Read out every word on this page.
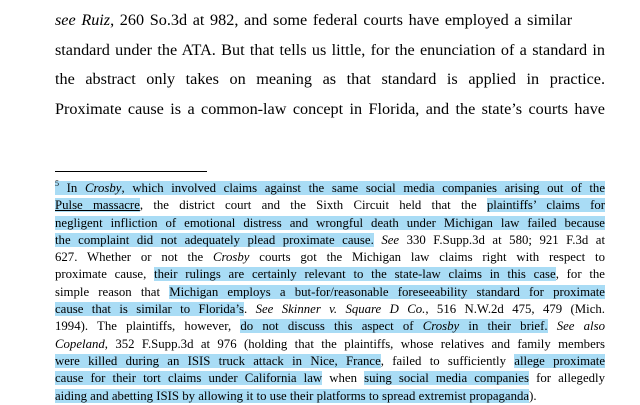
see Ruiz, 260 So.3d at 982, and some federal courts have employed a similar
standard under the ATA. But that tells us little, for the enunciation of a standard in
the abstract only takes on meaning as that standard is applied in practice.
Proximate cause is a common-law concept in Florida, and the state’s courts have
$^5$ In Crosby, which involved claims against the same social media companies arising out of the
Pulse massacre, the district court and the Sixth Circuit held that the plaintiffs’ claims for
negligent infliction of emotional distress and wrongful death under Michigan law failed because
the complaint did not adequately plead proximate cause. See 330 F.Supp.3d at 580; 921 F.3d at
627. Whether or not the Crosby courts got the Michigan law claims right with respect to
proximate cause, their rulings are certainly relevant to the state-law claims in this case, for the
simple reason that Michigan employs a but-for/reasonable foreseeability standard for proximate
cause that is similar to Florida’s. See Skinner v. Square D Co., 516 N.W.2d 475, 479 (Mich.
1994). The plaintiffs, however, do not discuss this aspect of Crosby in their brief. See also
Copeland, 352 F.Supp.3d at 976 (holding that the plaintiffs, whose relatives and family members
were killed during an ISIS truck attack in Nice, France, failed to sufficiently allege proximate
cause for their tort claims under California law when suing social media companies for allegedly
aiding and abetting ISIS by allowing it to use their platforms to spread extremist propaganda).
